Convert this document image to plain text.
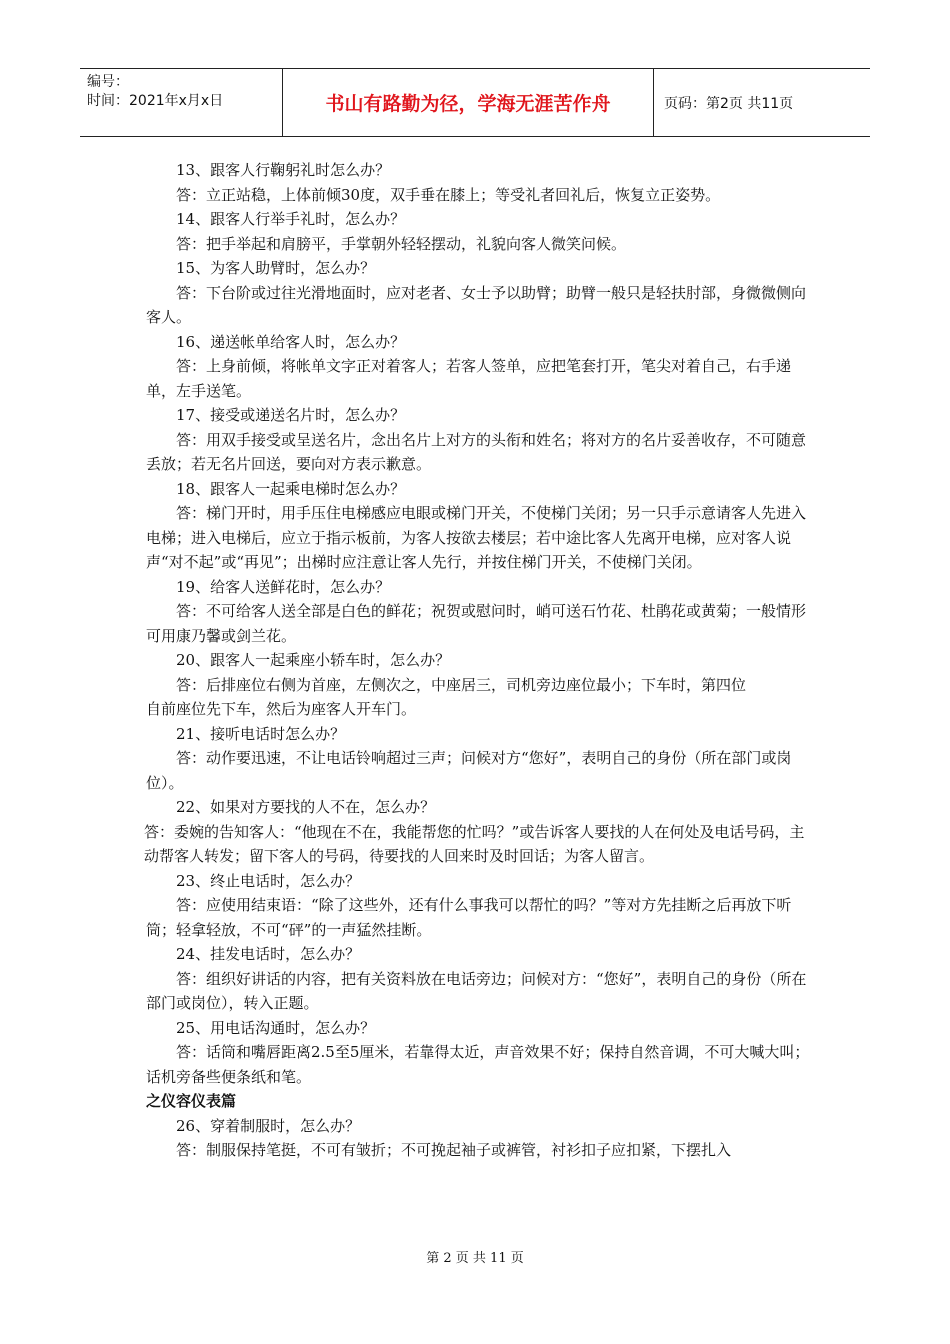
编号：
时间：2021年x月x日	书山有路勤为径，学海无涯苦作舟	页码：第2页 共11页

13、跟客人行鞠躬礼时怎么办？

答：立正站稳，上体前倾30度，双手垂在膝上；等受礼者回礼后，恢复立正姿势。

14、跟客人行举手礼时，怎么办？

答：把手举起和肩膀平，手掌朝外轻轻摆动，礼貌向客人微笑问候。

15、为客人助臂时，怎么办？

答：下台阶或过往光滑地面时，应对老者、女士予以助臂；助臂一般只是轻扶肘部，身微微侧向客人。

16、递送帐单给客人时，怎么办？

答：上身前倾，将帐单文字正对着客人；若客人签单，应把笔套打开，笔尖对着自己，右手递单，左手送笔。

17、接受或递送名片时，怎么办？

答：用双手接受或呈送名片，念出名片上对方的头衔和姓名；将对方的名片妥善收存，不可随意丢放；若无名片回送，要向对方表示歉意。

18、跟客人一起乘电梯时怎么办？

答：梯门开时，用手压住电梯感应电眼或梯门开关，不使梯门关闭；另一只手示意请客人先进入电梯；进入电梯后，应立于指示板前，为客人按欲去楼层；若中途比客人先离开电梯，应对客人说声“对不起”或“再见”；出梯时应注意让客人先行，并按住梯门开关，不使梯门关闭。

19、给客人送鲜花时，怎么办？

答：不可给客人送全部是白色的鲜花；祝贺或慰问时，峭可送石竹花、杜鹃花或黄菊；一般情形可用康乃馨或剑兰花。

20、跟客人一起乘座小轿车时，怎么办？

答：后排座位右侧为首座，左侧次之，中座居三，司机旁边座位最小；下车时，第四位

自前座位先下车，然后为座客人开车门。

21、接听电话时怎么办？

答：动作要迅速，不让电话铃响超过三声；问候对方“您好”，表明自己的身份（所在部门或岗位）。

22、如果对方要找的人不在，怎么办？

答：委婉的告知客人：“他现在不在，我能帮您的忙吗？”或告诉客人要找的人在何处及电话号码，主动帮客人转发；留下客人的号码，待要找的人回来时及时回话；为客人留言。

23、终止电话时，怎么办？

答：应使用结束语：“除了这些外，还有什么事我可以帮忙的吗？”等对方先挂断之后再放下听筒；轻拿轻放，不可“砰”的一声猛然挂断。

24、挂发电话时，怎么办？

答：组织好讲话的内容，把有关资料放在电话旁边；问候对方：“您好”，表明自己的身份（所在部门或岗位），转入正题。

25、用电话沟通时，怎么办？

答：话筒和嘴唇距离2.5至5厘米，若靠得太近，声音效果不好；保持自然音调，不可大喊大叫；话机旁备些便条纸和笔。

之仪容仪表篇

26、穿着制服时，怎么办？

答：制服保持笔挺，不可有皱折；不可挽起袖子或裤管，衬衫扣子应扣紧，下摆扎入

第 2 页 共 11 页
